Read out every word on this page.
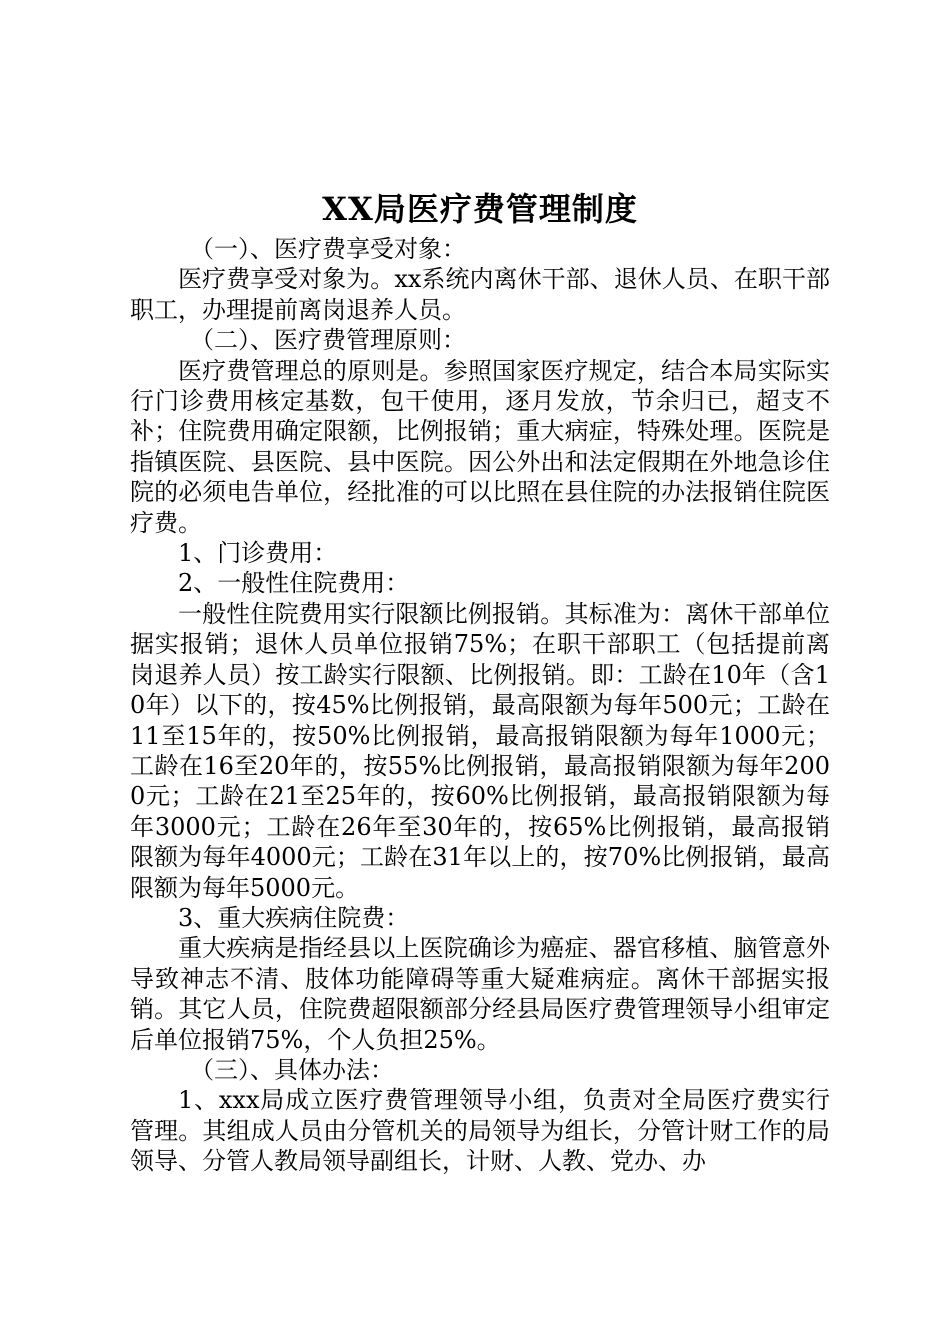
XX局医疗费管理制度

（一）、医疗费享受对象：

医疗费享受对象为。xx系统内离休干部、退休人员、在职干部职工，办理提前离岗退养人员。

（二）、医疗费管理原则：

医疗费管理总的原则是。参照国家医疗规定，结合本局实际实行门诊费用核定基数，包干使用，逐月发放，节余归已，超支不补；住院费用确定限额，比例报销；重大病症，特殊处理。医院是指镇医院、县医院、县中医院。因公外出和法定假期在外地急诊住院的必须电告单位，经批准的可以比照在县住院的办法报销住院医疗费。

1、门诊费用：

2、一般性住院费用：

一般性住院费用实行限额比例报销。其标准为：离休干部单位据实报销；退休人员单位报销75%；在职干部职工（包括提前离岗退养人员）按工龄实行限额、比例报销。即：工龄在10年（含10年）以下的，按45%比例报销，最高限额为每年500元；工龄在11至15年的，按50%比例报销，最高报销限额为每年1000元；工龄在16至20年的，按55%比例报销，最高报销限额为每年2000元；工龄在21至25年的，按60%比例报销，最高报销限额为每年3000元；工龄在26年至30年的，按65%比例报销，最高报销限额为每年4000元；工龄在31年以上的，按70%比例报销，最高限额为每年5000元。

3、重大疾病住院费：

重大疾病是指经县以上医院确诊为癌症、器官移植、脑管意外导致神志不清、肢体功能障碍等重大疑难病症。离休干部据实报销。其它人员，住院费超限额部分经县局医疗费管理领导小组审定后单位报销75%，个人负担25%。

（三）、具体办法：

1、xxx局成立医疗费管理领导小组，负责对全局医疗费实行管理。其组成人员由分管机关的局领导为组长，分管计财工作的局领导、分管人教局领导副组长，计财、人教、党办、办
